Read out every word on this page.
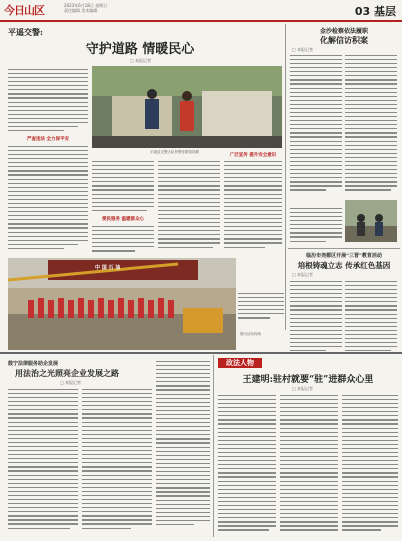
今日山区	2023年6月18日 星期日
责任编辑 美术编辑	03 基层
平遥交警:
守护道路 情暖民心
□ 本报记者
平遥县交警大队民警在路面执勤
严查违法 全力保平安
便民服务 温暖群众心
金沙检察依法履职
化解信访积案
□ 本报记者
临汾市尧都区开展“三晋”教育活动
培根铸魂立志 传承红色基因
□ 本报记者
中 国 石 油
图为活动现场
鼓宁法律服务助企发展
用法治之光照亮企业发展之路
□ 本报记者
政法人物
王建明:驻村就要“驻”进群众心里
□ 本报记者
广泛宣传 提升安全意识
